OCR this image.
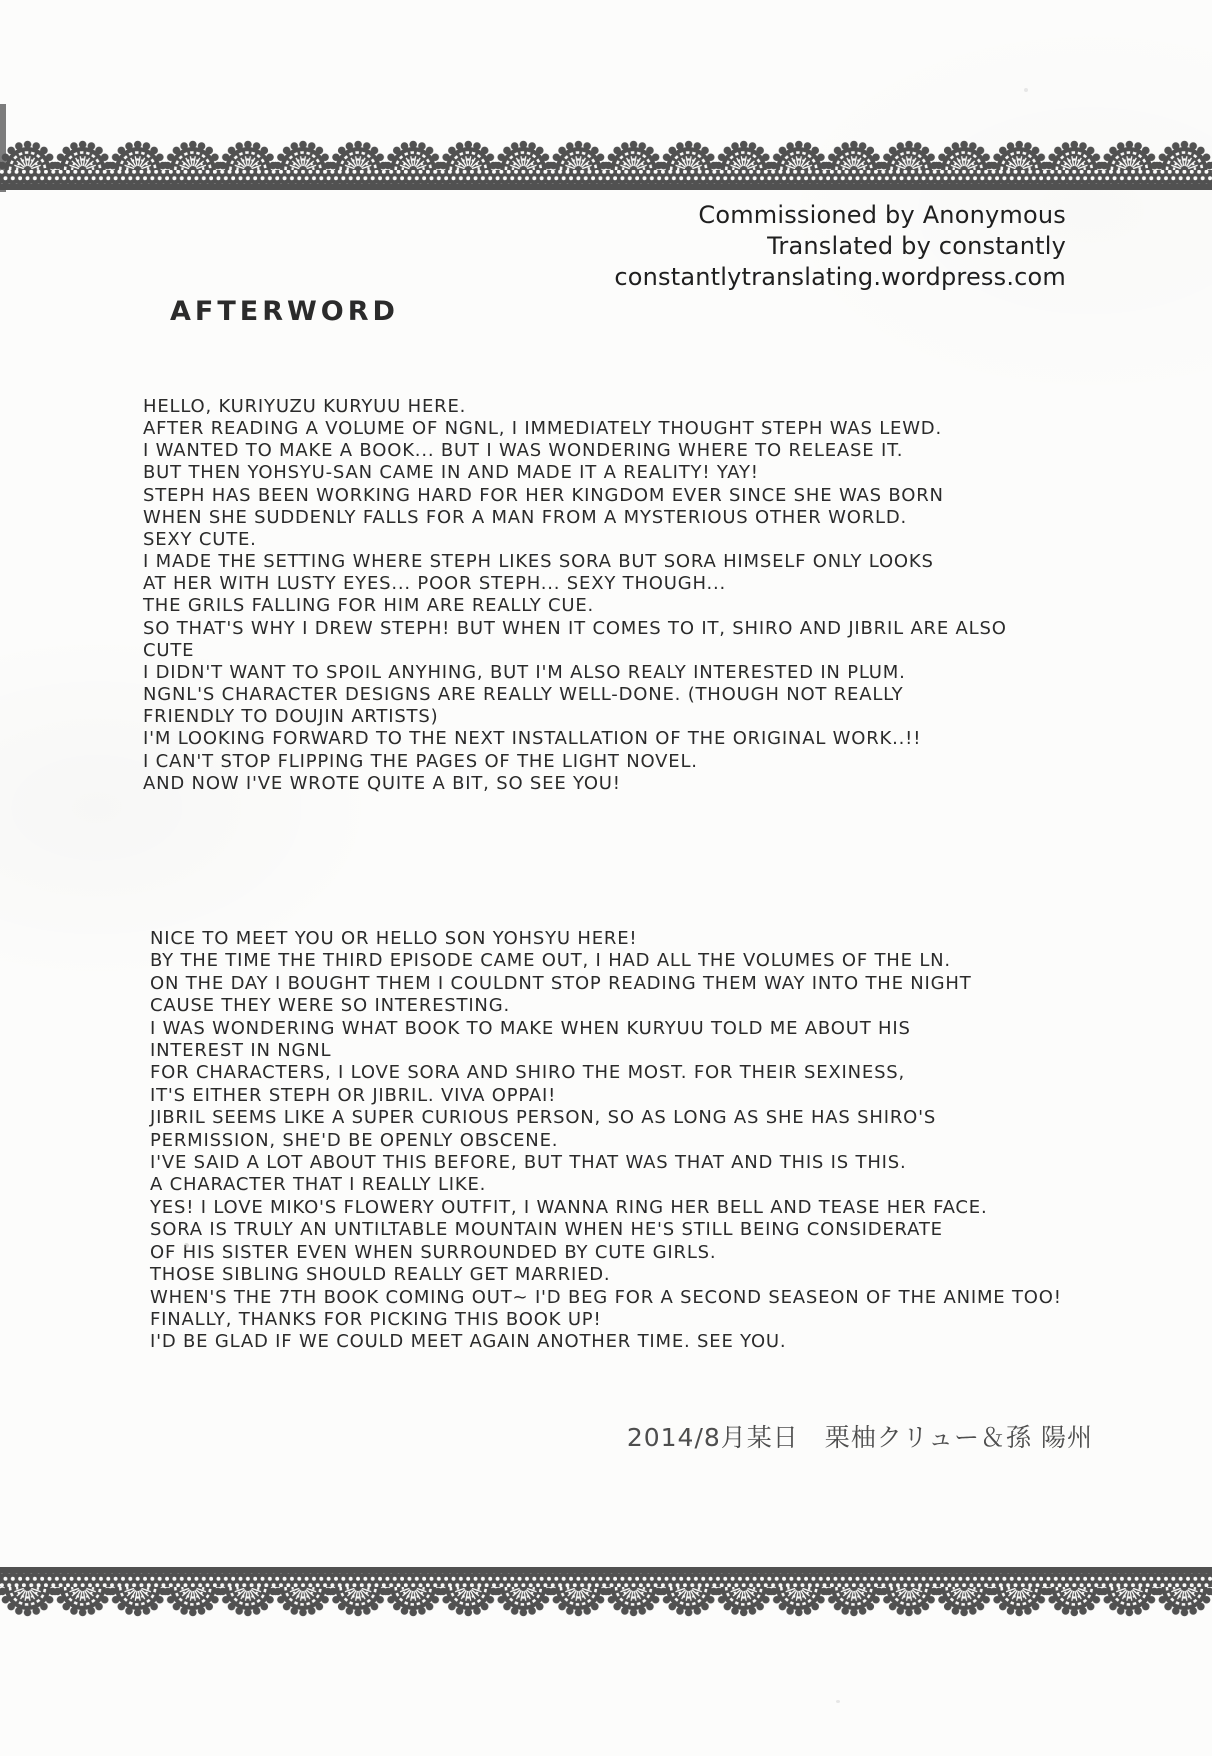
Commissioned by Anonymous
Translated by constantly
constantlytranslating.wordpress.com
AFTERWORD
HELLO, KURIYUZU KURYUU HERE.
AFTER READING A VOLUME OF NGNL, I IMMEDIATELY THOUGHT STEPH WAS LEWD.
I WANTED TO MAKE A BOOK... BUT I WAS WONDERING WHERE TO RELEASE IT.
BUT THEN YOHSYU-SAN CAME IN AND MADE IT A REALITY! YAY!
STEPH HAS BEEN WORKING HARD FOR HER KINGDOM EVER SINCE SHE WAS BORN
WHEN SHE SUDDENLY FALLS FOR A MAN FROM A MYSTERIOUS OTHER WORLD.
SEXY CUTE.
I MADE THE SETTING WHERE STEPH LIKES SORA BUT SORA HIMSELF ONLY LOOKS
AT HER WITH LUSTY EYES... POOR STEPH... SEXY THOUGH...
THE GRILS FALLING FOR HIM ARE REALLY CUE.
SO THAT'S WHY I DREW STEPH! BUT WHEN IT COMES TO IT, SHIRO AND JIBRIL ARE ALSO
CUTE
I DIDN'T WANT TO SPOIL ANYHING, BUT I'M ALSO REALY INTERESTED IN PLUM.
NGNL'S CHARACTER DESIGNS ARE REALLY WELL-DONE. (THOUGH NOT REALLY
FRIENDLY TO DOUJIN ARTISTS)
I'M LOOKING FORWARD TO THE NEXT INSTALLATION OF THE ORIGINAL WORK..!!
I CAN'T STOP FLIPPING THE PAGES OF THE LIGHT NOVEL.
AND NOW I'VE WROTE QUITE A BIT, SO SEE YOU!
NICE TO MEET YOU OR HELLO SON YOHSYU HERE!
BY THE TIME THE THIRD EPISODE CAME OUT, I HAD ALL THE VOLUMES OF THE LN.
ON THE DAY I BOUGHT THEM I COULDNT STOP READING THEM WAY INTO THE NIGHT
CAUSE THEY WERE SO INTERESTING.
I WAS WONDERING WHAT BOOK TO MAKE WHEN KURYUU TOLD ME ABOUT HIS
INTEREST IN NGNL
FOR CHARACTERS, I LOVE SORA AND SHIRO THE MOST. FOR THEIR SEXINESS,
IT'S EITHER STEPH OR JIBRIL. VIVA OPPAI!
JIBRIL SEEMS LIKE A SUPER CURIOUS PERSON, SO AS LONG AS SHE HAS SHIRO'S
PERMISSION, SHE'D BE OPENLY OBSCENE.
I'VE SAID A LOT ABOUT THIS BEFORE, BUT THAT WAS THAT AND THIS IS THIS.
A CHARACTER THAT I REALLY LIKE.
YES! I LOVE MIKO'S FLOWERY OUTFIT, I WANNA RING HER BELL AND TEASE HER FACE.
SORA IS TRULY AN UNTILTABLE MOUNTAIN WHEN HE'S STILL BEING CONSIDERATE
OF HIS SISTER EVEN WHEN SURROUNDED BY CUTE GIRLS.
THOSE SIBLING SHOULD REALLY GET MARRIED.
WHEN'S THE 7TH BOOK COMING OUT~ I'D BEG FOR A SECOND SEASEON OF THE ANIME TOO!
FINALLY, THANKS FOR PICKING THIS BOOK UP!
I'D BE GLAD IF WE COULD MEET AGAIN ANOTHER TIME. SEE YOU.
2014/8月某日　栗柚クリュー＆孫 陽州
